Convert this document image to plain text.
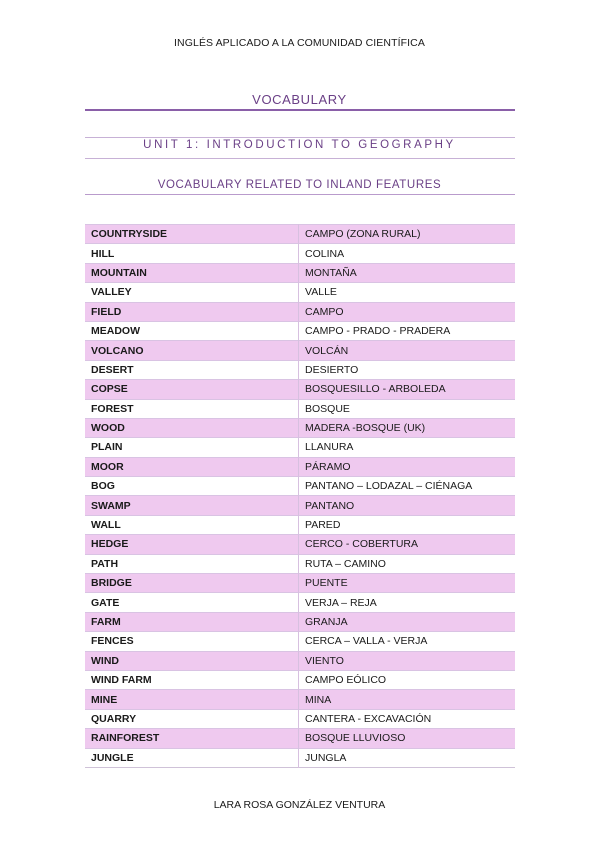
INGLÉS APLICADO A LA COMUNIDAD CIENTÍFICA
VOCABULARY
UNIT 1: INTRODUCTION TO GEOGRAPHY
VOCABULARY RELATED TO INLAND FEATURES
COUNTRYSIDE	CAMPO (ZONA RURAL)
HILL	COLINA
MOUNTAIN	MONTAÑA
VALLEY	VALLE
FIELD	CAMPO
MEADOW	CAMPO - PRADO - PRADERA
VOLCANO	VOLCÁN
DESERT	DESIERTO
COPSE	BOSQUESILLO - ARBOLEDA
FOREST	BOSQUE
WOOD	MADERA -BOSQUE (UK)
PLAIN	LLANURA
MOOR	PÁRAMO
BOG	PANTANO – LODAZAL – CIÉNAGA
SWAMP	PANTANO
WALL	PARED
HEDGE	CERCO - COBERTURA
PATH	RUTA – CAMINO
BRIDGE	PUENTE
GATE	VERJA – REJA
FARM	GRANJA
FENCES	CERCA – VALLA - VERJA
WIND	VIENTO
WIND FARM	CAMPO EÓLICO
MINE	MINA
QUARRY	CANTERA - EXCAVACIÓN
RAINFOREST	BOSQUE LLUVIOSO
JUNGLE	JUNGLA
LARA ROSA GONZÁLEZ VENTURA
